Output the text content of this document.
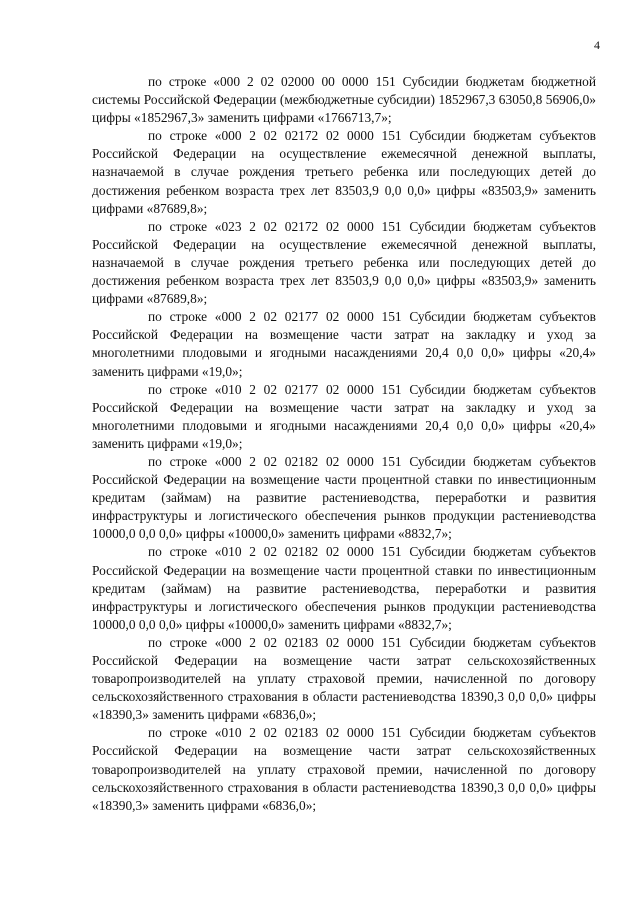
4

по строке «000 2 02 02000 00 0000 151 Субсидии бюджетам бюджетной системы Российской Федерации (межбюджетные субсидии) 1852967,3 63050,8 56906,0» цифры «1852967,3» заменить цифрами «1766713,7»;

по строке «000 2 02 02172 02 0000 151 Субсидии бюджетам субъектов Российской Федерации на осуществление ежемесячной денежной выплаты, назначаемой в случае рождения третьего ребенка или последующих детей до достижения ребенком возраста трех лет 83503,9 0,0 0,0» цифры «83503,9» заменить цифрами «87689,8»;

по строке «023 2 02 02172 02 0000 151 Субсидии бюджетам субъектов Российской Федерации на осуществление ежемесячной денежной выплаты, назначаемой в случае рождения третьего ребенка или последующих детей до достижения ребенком возраста трех лет 83503,9 0,0 0,0» цифры «83503,9» заменить цифрами «87689,8»;

по строке «000 2 02 02177 02 0000 151 Субсидии бюджетам субъектов Российской Федерации на возмещение части затрат на закладку и уход за многолетними плодовыми и ягодными насаждениями 20,4 0,0 0,0» цифры «20,4» заменить цифрами «19,0»;

по строке «010 2 02 02177 02 0000 151 Субсидии бюджетам субъектов Российской Федерации на возмещение части затрат на закладку и уход за многолетними плодовыми и ягодными насаждениями 20,4 0,0 0,0» цифры «20,4» заменить цифрами «19,0»;

по строке «000 2 02 02182 02 0000 151 Субсидии бюджетам субъектов Российской Федерации на возмещение части процентной ставки по инвестиционным кредитам (займам) на развитие растениеводства, переработки и развития инфраструктуры и логистического обеспечения рынков продукции растениеводства 10000,0 0,0 0,0» цифры «10000,0» заменить цифрами «8832,7»;

по строке «010 2 02 02182 02 0000 151 Субсидии бюджетам субъектов Российской Федерации на возмещение части процентной ставки по инвестиционным кредитам (займам) на развитие растениеводства, переработки и развития инфраструктуры и логистического обеспечения рынков продукции растениеводства 10000,0 0,0 0,0» цифры «10000,0» заменить цифрами «8832,7»;

по строке «000 2 02 02183 02 0000 151 Субсидии бюджетам субъектов Российской Федерации на возмещение части затрат сельскохозяйственных товаропроизводителей на уплату страховой премии, начисленной по договору сельскохозяйственного страхования в области растениеводства 18390,3 0,0 0,0» цифры «18390,3» заменить цифрами «6836,0»;

по строке «010 2 02 02183 02 0000 151 Субсидии бюджетам субъектов Российской Федерации на возмещение части затрат сельскохозяйственных товаропроизводителей на уплату страховой премии, начисленной по договору сельскохозяйственного страхования в области растениеводства 18390,3 0,0 0,0» цифры «18390,3» заменить цифрами «6836,0»;
